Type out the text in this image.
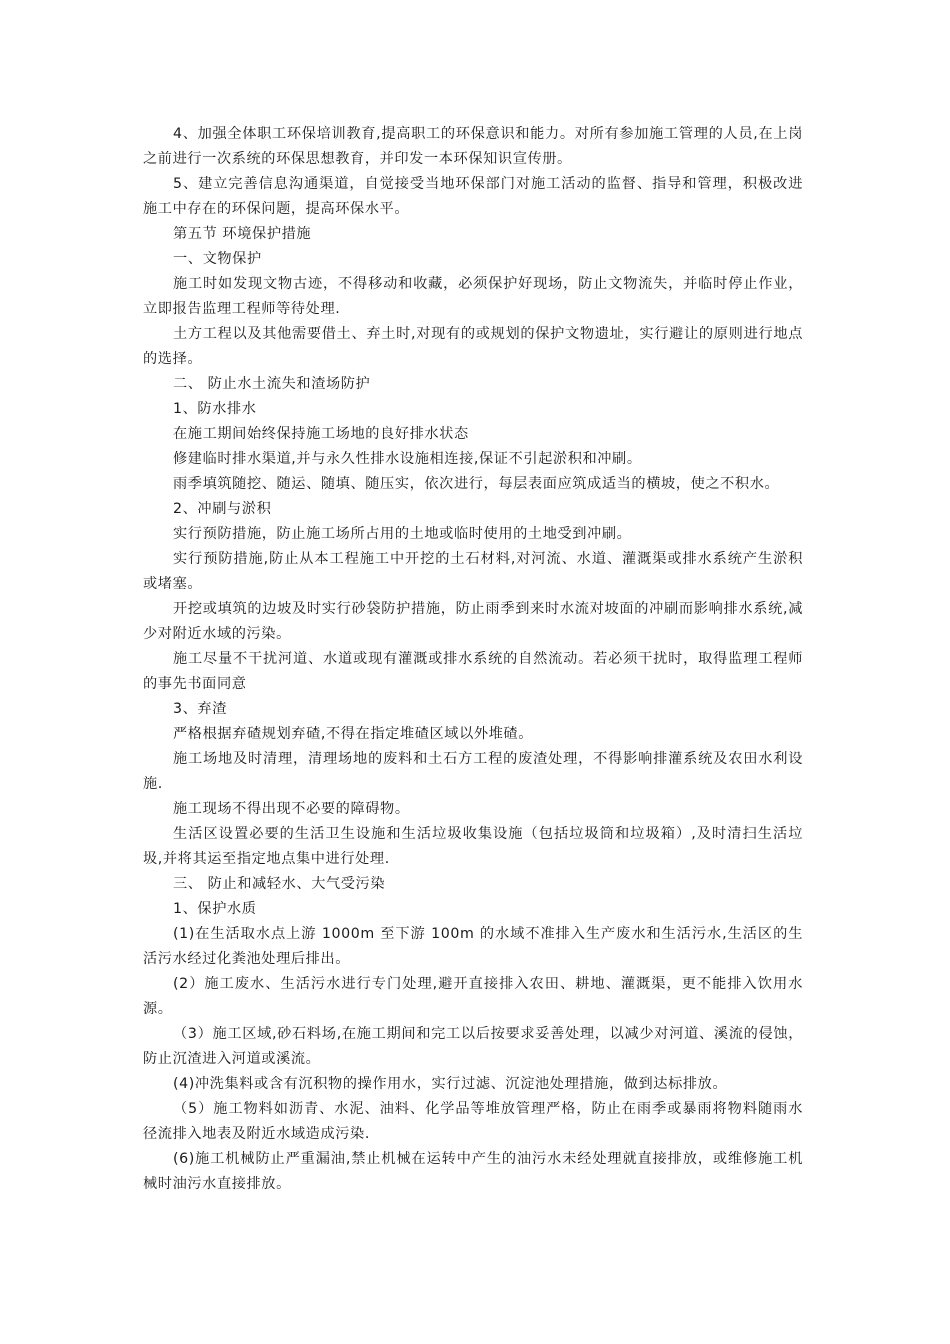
4、加强全体职工环保培训教育,提高职工的环保意识和能力。对所有参加施工管理的人员,在上岗之前进行一次系统的环保思想教育，并印发一本环保知识宣传册。

5、建立完善信息沟通渠道，自觉接受当地环保部门对施工活动的监督、指导和管理，积极改进施工中存在的环保问题，提高环保水平。

第五节 环境保护措施

一、文物保护

施工时如发现文物古迹，不得移动和收藏，必须保护好现场，防止文物流失，并临时停止作业，立即报告监理工程师等待处理.

土方工程以及其他需要借土、弃土时,对现有的或规划的保护文物遗址，实行避让的原则进行地点的选择。

二、 防止水土流失和渣场防护

1、防水排水

在施工期间始终保持施工场地的良好排水状态

修建临时排水渠道,并与永久性排水设施相连接,保证不引起淤积和冲刷。

雨季填筑随挖、随运、随填、随压实，依次进行，每层表面应筑成适当的横坡，使之不积水。

2、冲刷与淤积

实行预防措施，防止施工场所占用的土地或临时使用的土地受到冲刷。

实行预防措施,防止从本工程施工中开挖的土石材料,对河流、水道、灌溉渠或排水系统产生淤积或堵塞。

开挖或填筑的边坡及时实行砂袋防护措施，防止雨季到来时水流对坡面的冲刷而影响排水系统,减少对附近水域的污染。

施工尽量不干扰河道、水道或现有灌溉或排水系统的自然流动。若必须干扰时，取得监理工程师的事先书面同意

3、弃渣

严格根据弃碴规划弃碴,不得在指定堆碴区域以外堆碴。

施工场地及时清理，清理场地的废料和土石方工程的废渣处理，不得影响排灌系统及农田水利设施.

施工现场不得出现不必要的障碍物。

生活区设置必要的生活卫生设施和生活垃圾收集设施（包括垃圾筒和垃圾箱）,及时清扫生活垃圾,并将其运至指定地点集中进行处理.

三、 防止和减轻水、大气受污染

1、保护水质

(1)在生活取水点上游 1000m 至下游 100m 的水域不准排入生产废水和生活污水,生活区的生活污水经过化粪池处理后排出。

(2）施工废水、生活污水进行专门处理,避开直接排入农田、耕地、灌溉渠，更不能排入饮用水源。

（3）施工区域,砂石料场,在施工期间和完工以后按要求妥善处理，以减少对河道、溪流的侵蚀，防止沉渣进入河道或溪流。

(4)冲洗集料或含有沉积物的操作用水，实行过滤、沉淀池处理措施，做到达标排放。

（5）施工物料如沥青、水泥、油料、化学品等堆放管理严格，防止在雨季或暴雨将物料随雨水径流排入地表及附近水域造成污染.

(6)施工机械防止严重漏油,禁止机械在运转中产生的油污水未经处理就直接排放，或维修施工机械时油污水直接排放。
